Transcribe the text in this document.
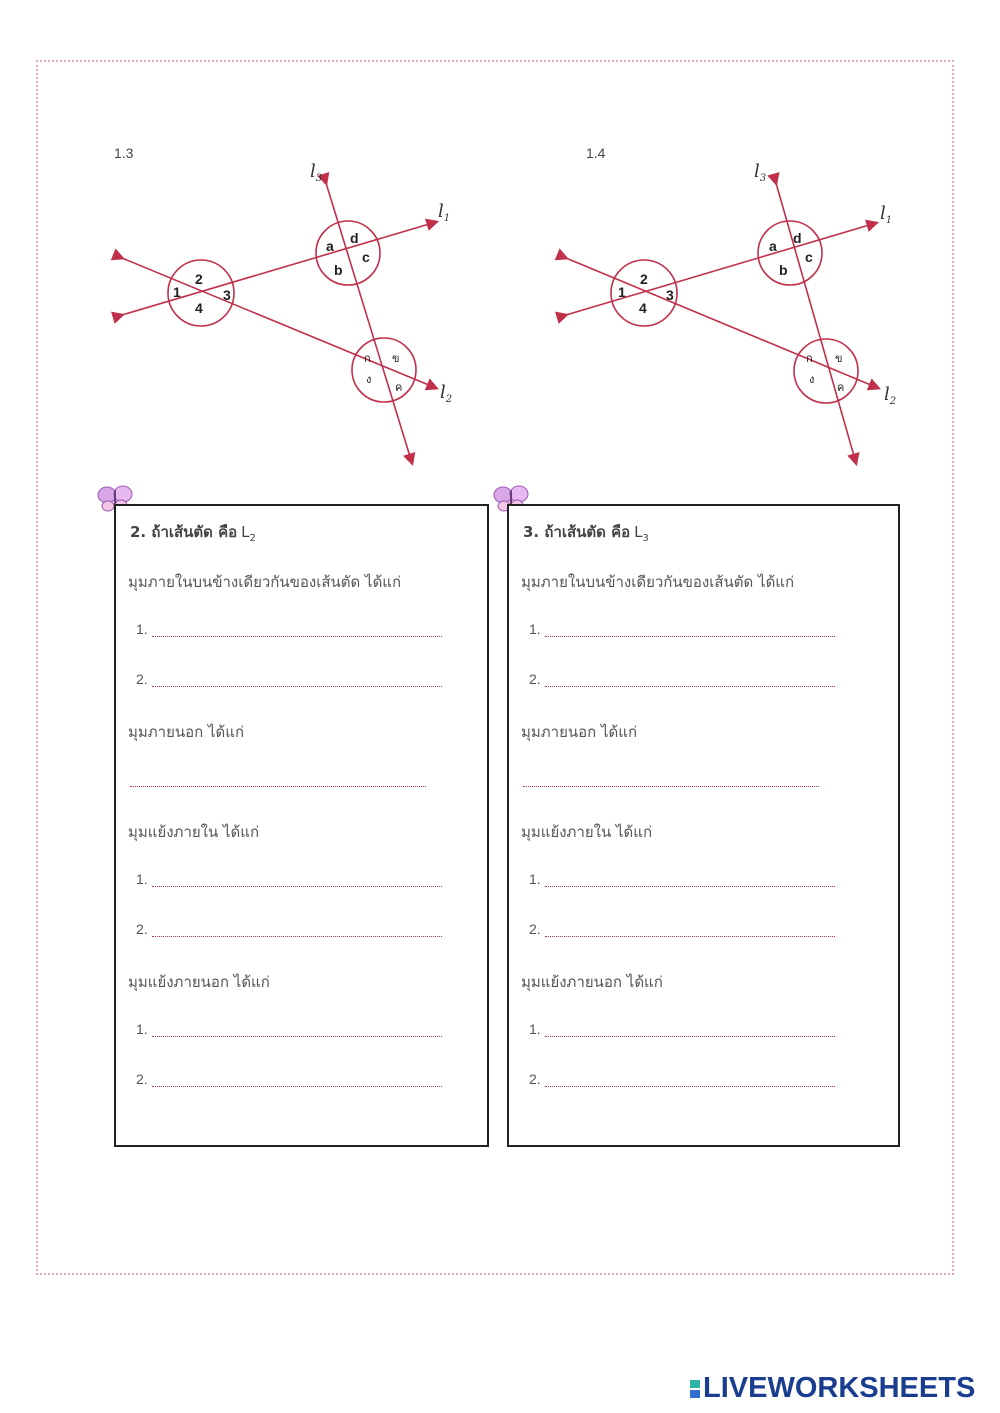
1.3
2
1	3
4
a d
b
c
ก ข
ง
ค
$l_3$
$l_1$
$l_2$
1.4
2
1	3
4
a d
b
c
ก ข
ง
ค
$l_3$
$l_1$
$l_2$
2. ถ้าเส้นตัด คือ $L_2$
มุมภายในบนข้างเดียวกันของเส้นตัด ได้แก่
1.
2.
มุมภายนอก ได้แก่
มุมแย้งภายใน ได้แก่
1.
2.
มุมแย้งภายนอก ได้แก่
1.
2.
3. ถ้าเส้นตัด คือ $L_3$
มุมภายในบนข้างเดียวกันของเส้นตัด ได้แก่
1.
2.
มุมภายนอก ได้แก่
มุมแย้งภายใน ได้แก่
1.
2.
มุมแย้งภายนอก ได้แก่
1.
2.
LIVEWORKSHEETS
